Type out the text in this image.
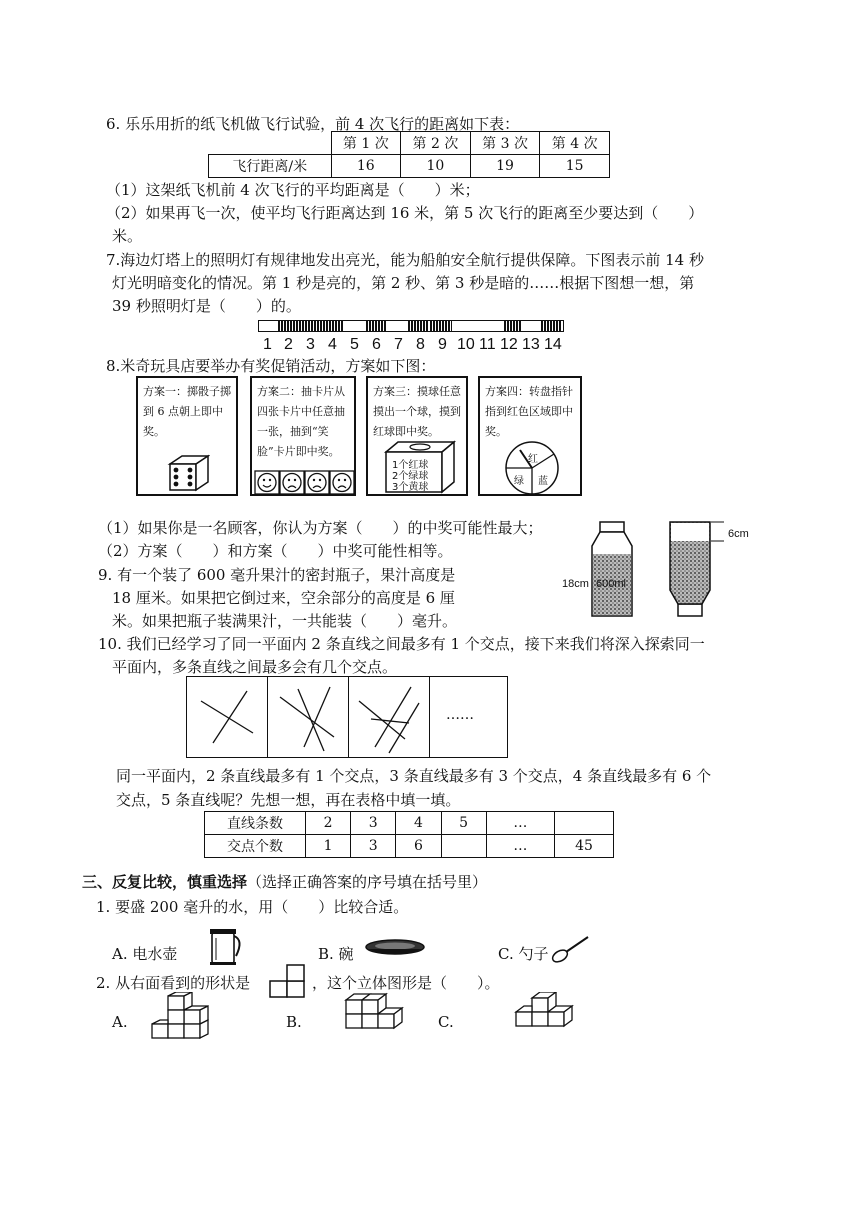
6. 乐乐用折的纸飞机做飞行试验，前 4 次飞行的距离如下表：
	第 1 次	第 2 次	第 3 次	第 4 次
飞行距离/米	16	10	19	15
（1）这架纸飞机前 4 次飞行的平均距离是（　　）米；
（2）如果再飞一次，使平均飞行距离达到 16 米，第 5 次飞行的距离至少要达到（　　）
米。
7.海边灯塔上的照明灯有规律地发出亮光，能为船舶安全航行提供保障。下图表示前 14 秒
灯光明暗变化的情况。第 1 秒是亮的，第 2 秒、第 3 秒是暗的……根据下图想一想，第
39 秒照明灯是（　　）的。
1 2 3 4 5 6 7 8 9 10 11 12 13 14
8.米奇玩具店要举办有奖促销活动，方案如下图：
方案一：掷骰子掷到 6 点朝上即中奖。
方案二：抽卡片从四张卡片中任意抽一张，抽到“笑脸”卡片即中奖。
方案三：摸球任意摸出一个球，摸到红球即中奖。
1个红球
2个绿球
3个黄球
方案四：转盘指针指到红色区域即中奖。
红
绿 蓝
（1）如果你是一名顾客，你认为方案（　　）的中奖可能性最大；
（2）方案（　　）和方案（　　）中奖可能性相等。
9. 有一个装了 600 毫升果汁的密封瓶子，果汁高度是
18 厘米。如果把它倒过来，空余部分的高度是 6 厘
米。如果把瓶子装满果汁，一共能装（　　）毫升。
18cm 600ml
6cm
10. 我们已经学习了同一平面内 2 条直线之间最多有 1 个交点，接下来我们将深入探索同一
平面内，多条直线之间最多会有几个交点。
……
同一平面内，2 条直线最多有 1 个交点，3 条直线最多有 3 个交点，4 条直线最多有 6 个
交点，5 条直线呢？先想一想，再在表格中填一填。
直线条数	2	3	4	5	…	
交点个数	1	3	6		…	45
三、反复比较，慎重选择（选择正确答案的序号填在括号里）
1. 要盛 200 毫升的水，用（　　）比较合适。
A. 电水壶	B. 碗	C. 勺子
2. 从右面看到的形状是	，这个立体图形是（　　）。
A.	B.	C.
